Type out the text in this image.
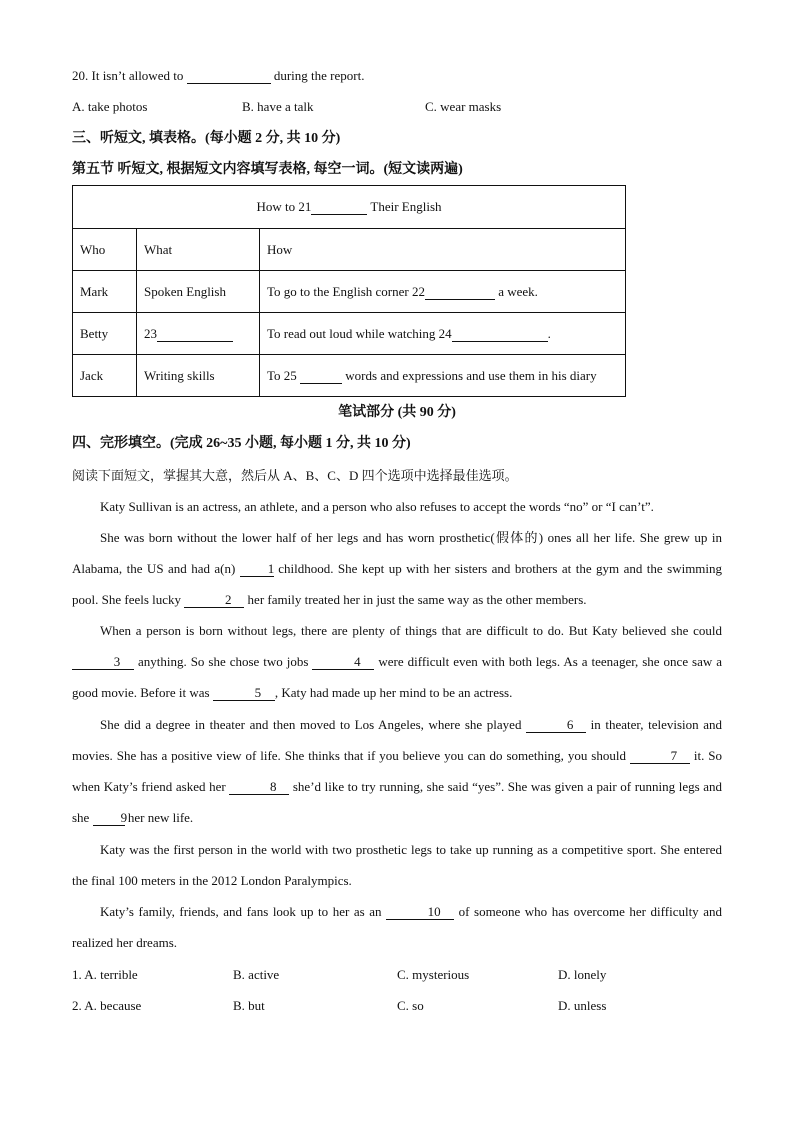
20. It isn’t allowed to	during the report.
A. take photos	B. have a talk	C. wear masks
三、听短文, 填表格。(每小题 2 分, 共 10 分)
第五节 听短文, 根据短文内容填写表格, 每空一词。(短文读两遍)
How to 21 Their English		
Who	What	How
Mark	Spoken English	To go to the English corner 22 a week.
Betty	23	To read out loud while watching 24 .
Jack	Writing skills	To 25 words and expressions and use them in his diary
笔试部分 (共 90 分)
四、完形填空。(完成 26~35 小题, 每小题 1 分, 共 10 分)
阅读下面短文，掌握其大意，然后从 A、B、C、D 四个选项中选择最佳选项。
Katy Sullivan is an actress, an athlete, and a person who also refuses to accept the words “no” or “I can’t”.
She was born without the lower half of her legs and has worn prosthetic(假体的) ones all her life. She grew up in Alabama, the US and had a(n) 1 childhood. She kept up with her sisters and brothers at the gym and the swimming pool. She feels lucky	2 her family treated her in just the same way as the other members.
When a person is born without legs, there are plenty of things that are difficult to do. But Katy believed she could 3 anything. So she chose two jobs	4 were difficult even with both legs. As a teenager, she once saw a good movie. Before it was	5 , Katy had made up her mind to be an actress.
She did a degree in theater and then moved to Los Angeles, where she played	6 in theater, television and movies. She has a positive view of life. She thinks that if you believe you can do something, you should	7 it. So when Katy’s friend asked her	8 she’d like to try running, she said “yes”. She was given a pair of running legs and she 9 her new life.
Katy was the first person in the world with two prosthetic legs to take up running as a competitive sport. She entered the final 100 meters in the 2012 London Paralympics.
Katy’s family, friends, and fans look up to her as an	10 of someone who has overcome her difficulty and realized her dreams.
1. A. terrible	B. active	C. mysterious	D. lonely
2. A. because	B. but	C. so	D. unless
